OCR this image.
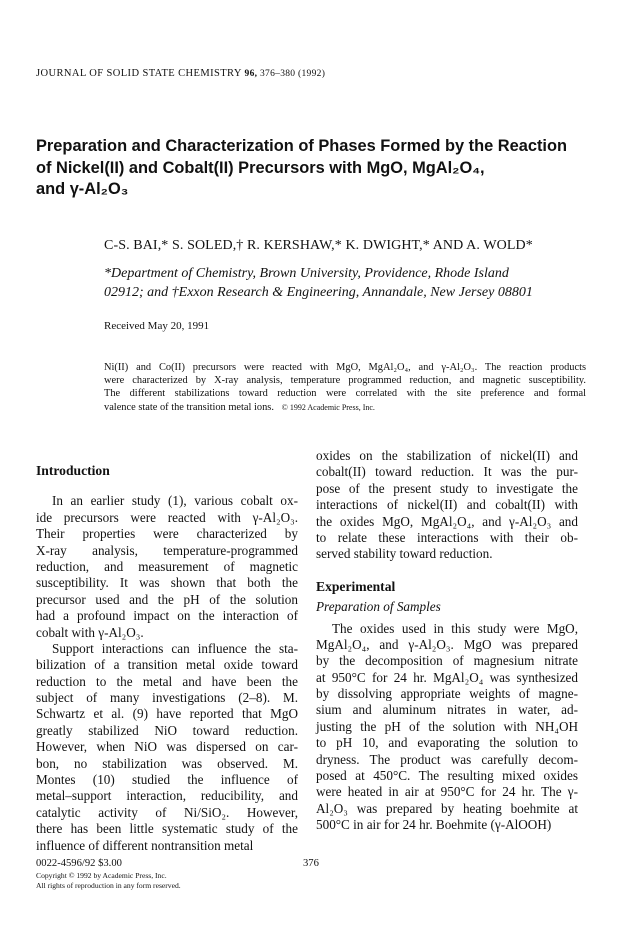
JOURNAL OF SOLID STATE CHEMISTRY 96, 376–380 (1992)
Preparation and Characterization of Phases Formed by the Reaction
of Nickel(II) and Cobalt(II) Precursors with MgO, MgAl₂O₄,
and γ-Al₂O₃
C-S. BAI,* S. SOLED,† R. KERSHAW,* K. DWIGHT,* AND A. WOLD*
*Department of Chemistry, Brown University, Providence, Rhode Island
02912; and †Exxon Research & Engineering, Annandale, New Jersey 08801
Received May 20, 1991
Ni(II) and Co(II) precursors were reacted with MgO, MgAl₂O₄, and γ-Al₂O₃. The reaction products
were characterized by X-ray analysis, temperature programmed reduction, and magnetic susceptibility.
The different stabilizations toward reduction were correlated with the site preference and formal
valence state of the transition metal ions. © 1992 Academic Press, Inc.
Introduction
In an earlier study (1), various cobalt ox-
ide precursors were reacted with γ-Al₂O₃.
Their properties were characterized by
X-ray analysis, temperature-programmed
reduction, and measurement of magnetic
susceptibility. It was shown that both the
precursor used and the pH of the solution
had a profound impact on the interaction of
cobalt with γ-Al₂O₃.
Support interactions can influence the sta-
bilization of a transition metal oxide toward
reduction to the metal and have been the
subject of many investigations (2–8). M.
Schwartz et al. (9) have reported that MgO
greatly stabilized NiO toward reduction.
However, when NiO was dispersed on car-
bon, no stabilization was observed. M.
Montes (10) studied the influence of
metal–support interaction, reducibility, and
catalytic activity of Ni/SiO₂. However,
there has been little systematic study of the
influence of different nontransition metal
oxides on the stabilization of nickel(II) and
cobalt(II) toward reduction. It was the pur-
pose of the present study to investigate the
interactions of nickel(II) and cobalt(II) with
the oxides MgO, MgAl₂O₄, and γ-Al₂O₃ and
to relate these interactions with their ob-
served stability toward reduction.
Experimental
Preparation of Samples
The oxides used in this study were MgO,
MgAl₂O₄, and γ-Al₂O₃. MgO was prepared
by the decomposition of magnesium nitrate
at 950°C for 24 hr. MgAl₂O₄ was synthesized
by dissolving appropriate weights of magne-
sium and aluminum nitrates in water, ad-
justing the pH of the solution with NH₄OH
to pH 10, and evaporating the solution to
dryness. The product was carefully decom-
posed at 450°C. The resulting mixed oxides
were heated in air at 950°C for 24 hr. The γ-
Al₂O₃ was prepared by heating boehmite at
500°C in air for 24 hr. Boehmite (γ-AlOOH)
0022-4596/92 $3.00	376
Copyright © 1992 by Academic Press, Inc.
All rights of reproduction in any form reserved.
